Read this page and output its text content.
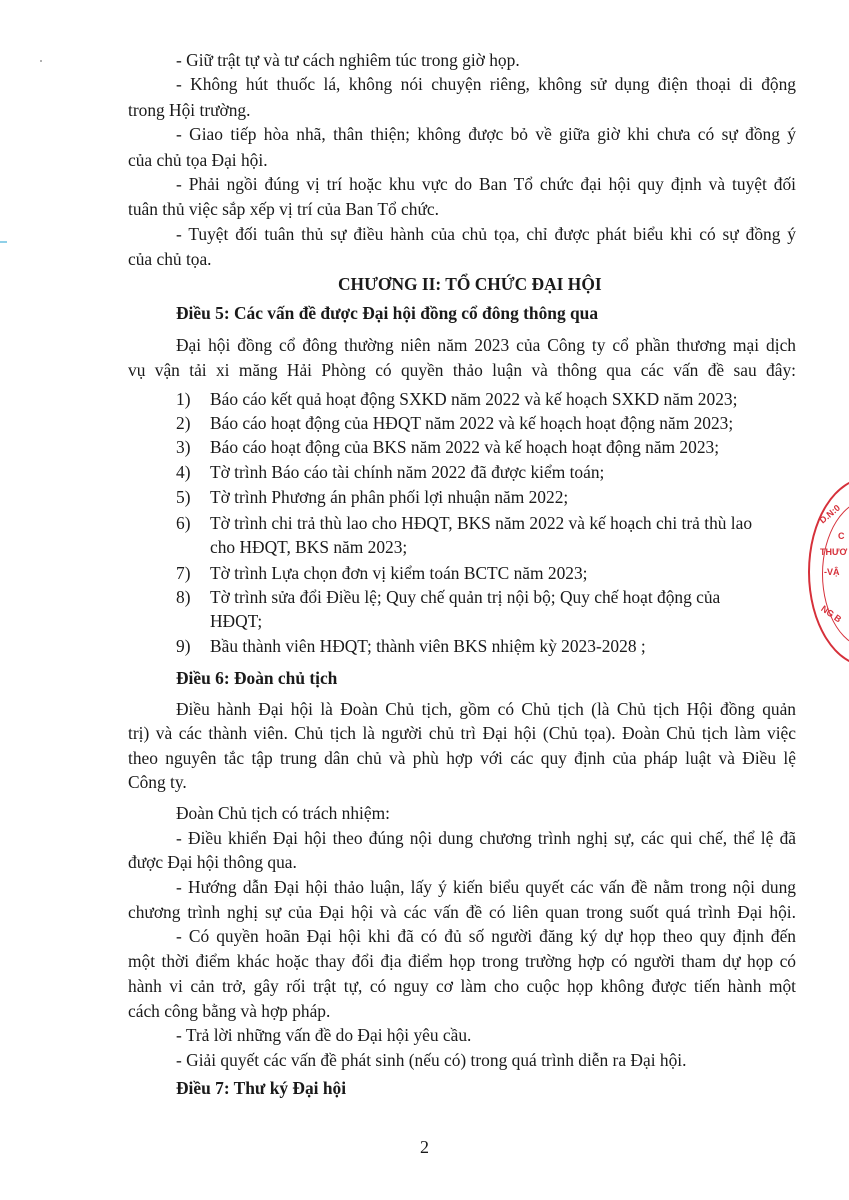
- Giữ trật tự và tư cách nghiêm túc trong giờ họp.
- Không hút thuốc lá, không nói chuyện riêng, không sử dụng điện thoại di động
trong Hội trường.
- Giao tiếp hòa nhã, thân thiện; không được bỏ về giữa giờ khi chưa có sự đồng ý
của chủ tọa Đại hội.
- Phải ngồi đúng vị trí hoặc khu vực do Ban Tổ chức đại hội quy định và tuyệt đối
tuân thủ việc sắp xếp vị trí của Ban Tổ chức.
- Tuyệt đối tuân thủ sự điều hành của chủ tọa, chỉ được phát biểu khi có sự đồng ý
của chủ tọa.
CHƯƠNG II: TỔ CHỨC ĐẠI HỘI
Điều 5: Các vấn đề được Đại hội đồng cổ đông thông qua
Đại hội đồng cổ đông thường niên năm 2023 của Công ty cổ phần thương mại dịch
vụ vận tải xi măng Hải Phòng có quyền thảo luận và thông qua các vấn đề sau đây:
1) Báo cáo kết quả hoạt động SXKD năm 2022 và kế hoạch SXKD năm 2023;
2) Báo cáo hoạt động của HĐQT năm 2022 và kế hoạch hoạt động năm 2023;
3) Báo cáo hoạt động của BKS năm 2022 và kế hoạch hoạt động năm 2023;
4) Tờ trình Báo cáo tài chính năm 2022 đã được kiểm toán;
5) Tờ trình Phương án phân phối lợi nhuận năm 2022;
6) Tờ trình chi trả thù lao cho HĐQT, BKS năm 2022 và kế hoạch chi trả thù lao
cho HĐQT, BKS năm 2023;
7) Tờ trình Lựa chọn đơn vị kiểm toán BCTC năm 2023;
8) Tờ trình sửa đổi Điều lệ; Quy chế quản trị nội bộ; Quy chế hoạt động của
HĐQT;
9) Bầu thành viên HĐQT; thành viên BKS nhiệm kỳ 2023-2028 ;
Điều 6: Đoàn chủ tịch
Điều hành Đại hội là Đoàn Chủ tịch, gồm có Chủ tịch (là Chủ tịch Hội đồng quản
trị) và các thành viên. Chủ tịch là người chủ trì Đại hội (Chủ tọa). Đoàn Chủ tịch làm việc
theo nguyên tắc tập trung dân chủ và phù hợp với các quy định của pháp luật và Điều lệ
Công ty.
Đoàn Chủ tịch có trách nhiệm:
- Điều khiển Đại hội theo đúng nội dung chương trình nghị sự, các qui chế, thể lệ đã
được Đại hội thông qua.
- Hướng dẫn Đại hội thảo luận, lấy ý kiến biểu quyết các vấn đề nằm trong nội dung
chương trình nghị sự của Đại hội và các vấn đề có liên quan trong suốt quá trình Đại hội.
- Có quyền hoãn Đại hội khi đã có đủ số người đăng ký dự họp theo quy định đến
một thời điểm khác hoặc thay đổi địa điểm họp trong trường hợp có người tham dự họp có
hành vi cản trở, gây rối trật tự, có nguy cơ làm cho cuộc họp không được tiến hành một
cách công bằng và hợp pháp.
- Trả lời những vấn đề do Đại hội yêu cầu.
- Giải quyết các vấn đề phát sinh (nếu có) trong quá trình diễn ra Đại hội.
Điều 7: Thư ký Đại hội
2
D.N:0
C
THƯƠ
-VẬ
NG B
